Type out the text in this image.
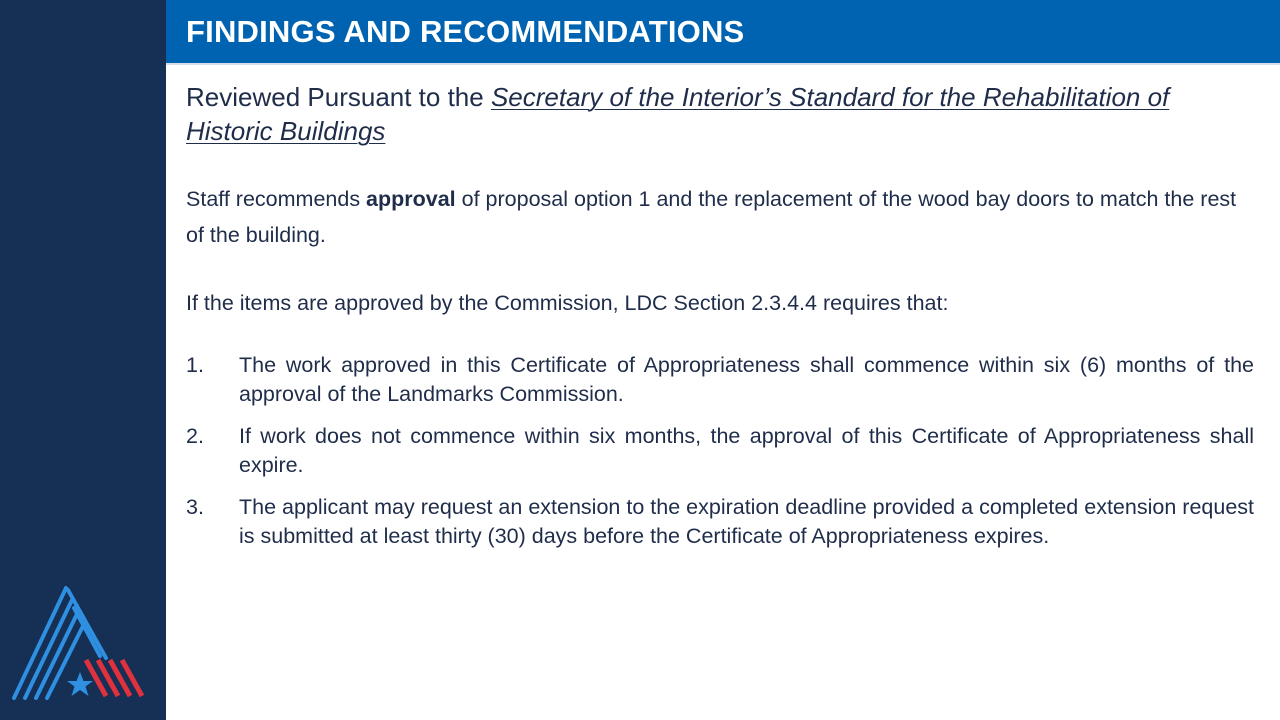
FINDINGS AND RECOMMENDATIONS

Reviewed Pursuant to the Secretary of the Interior’s Standard for the Rehabilitation of Historic Buildings

Staff recommends approval of proposal option 1 and the replacement of the wood bay doors to match the rest of the building.

If the items are approved by the Commission, LDC Section 2.3.4.4 requires that:

1. The work approved in this Certificate of Appropriateness shall commence within six (6) months of the approval of the Landmarks Commission.
2. If work does not commence within six months, the approval of this Certificate of Appropriateness shall expire.
3. The applicant may request an extension to the expiration deadline provided a completed extension request is submitted at least thirty (30) days before the Certificate of Appropriateness expires.
